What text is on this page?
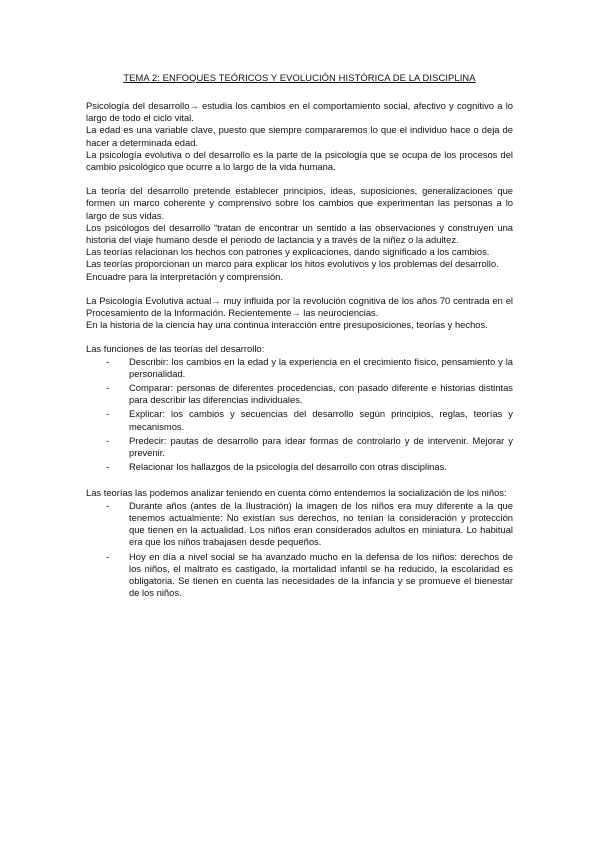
TEMA 2: ENFOQUES TEÓRICOS Y EVOLUCIÓN HISTÓRICA DE LA DISCIPLINA

Psicología del desarrollo→ estudia los cambios en el comportamiento social, afectivo y cognitivo a lo largo de todo el ciclo vital.

La edad es una variable clave, puesto que siempre compararemos lo que el individuo hace o deja de hacer a determinada edad.

La psicología evolutiva o del desarrollo es la parte de la psicología que se ocupa de los procesos del cambio psicológico que ocurre a lo largo de la vida humana.

La teoría del desarrollo pretende establecer principios, ideas, suposiciones, generalizaciones que formen un marco coherente y comprensivo sobre los cambios que experimentan las personas a lo largo de sus vidas.

Los psicólogos del desarrollo “tratan de encontrar un sentido a las observaciones y construyen una historia del viaje humano desde el periodo de lactancia y a través de la niñez o la adultez.

Las teorías relacionan los hechos con patrones y explicaciones, dando significado a los cambios.

Las teorías proporcionan un marco para explicar los hitos evolutivos y los problemas del desarrollo.

Encuadre para la interpretación y comprensión.

La Psicología Evolutiva actual→ muy influida por la revolución cognitiva de los años 70 centrada en el Procesamiento de la Información. Recientemente→ las neurociencias.

En la historia de la ciencia hay una continua interacción entre presuposiciones, teorías y hechos.

Las funciones de las teorías del desarrollo:

- Describir: los cambios en la edad y la experiencia en el crecimiento físico, pensamiento y la personalidad.
- Comparar: personas de diferentes procedencias, con pasado diferente e historias distintas para describir las diferencias individuales.
- Explicar: los cambios y secuencias del desarrollo según principios, reglas, teorías y mecanismos.
- Predecir: pautas de desarrollo para idear formas de controlarlo y de intervenir. Mejorar y prevenir.
- Relacionar los hallazgos de la psicología del desarrollo con otras disciplinas.

Las teorías las podemos analizar teniendo en cuenta cómo entendemos la socialización de los niños:

- Durante años (antes de la Ilustración) la imagen de los niños era muy diferente a la que tenemos actualmente: No existían sus derechos, no tenían la consideración y protección que tienen en la actualidad. Los niños eran considerados adultos en miniatura. Lo habitual era que los niños trabajasen desde pequeños.
- Hoy en día a nivel social se ha avanzado mucho en la defensa de los niños: derechos de los niños, el maltrato es castigado, la mortalidad infantil se ha reducido, la escolaridad es obligatoria. Se tienen en cuenta las necesidades de la infancia y se promueve el bienestar de los niños.
